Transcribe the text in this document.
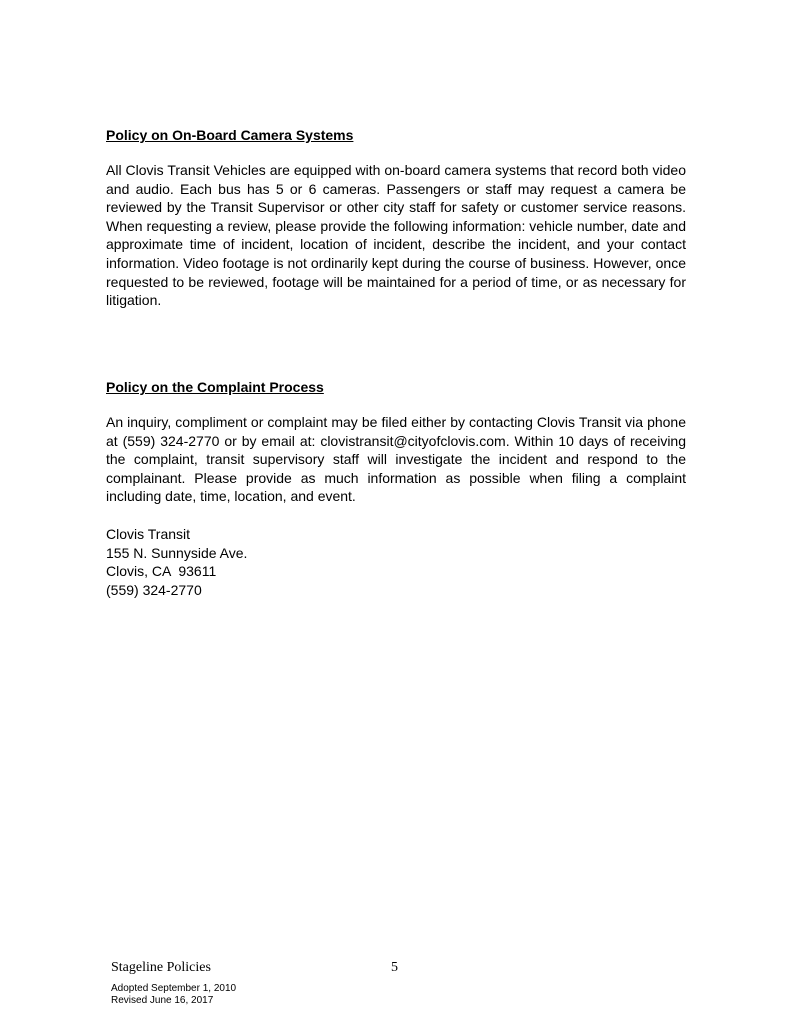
Policy on On-Board Camera Systems

All Clovis Transit Vehicles are equipped with on-board camera systems that record both video and audio. Each bus has 5 or 6 cameras. Passengers or staff may request a camera be reviewed by the Transit Supervisor or other city staff for safety or customer service reasons. When requesting a review, please provide the following information: vehicle number, date and approximate time of incident, location of incident, describe the incident, and your contact information. Video footage is not ordinarily kept during the course of business. However, once requested to be reviewed, footage will be maintained for a period of time, or as necessary for litigation.

Policy on the Complaint Process

An inquiry, compliment or complaint may be filed either by contacting Clovis Transit via phone at (559) 324-2770 or by email at: clovistransit@cityofclovis.com. Within 10 days of receiving the complaint, transit supervisory staff will investigate the incident and respond to the complainant. Please provide as much information as possible when filing a complaint including date, time, location, and event.

Clovis Transit

155 N. Sunnyside Ave.

Clovis, CA  93611

(559) 324-2770

Stageline Policies	5
Adopted September 1, 2010
Revised June 16, 2017
